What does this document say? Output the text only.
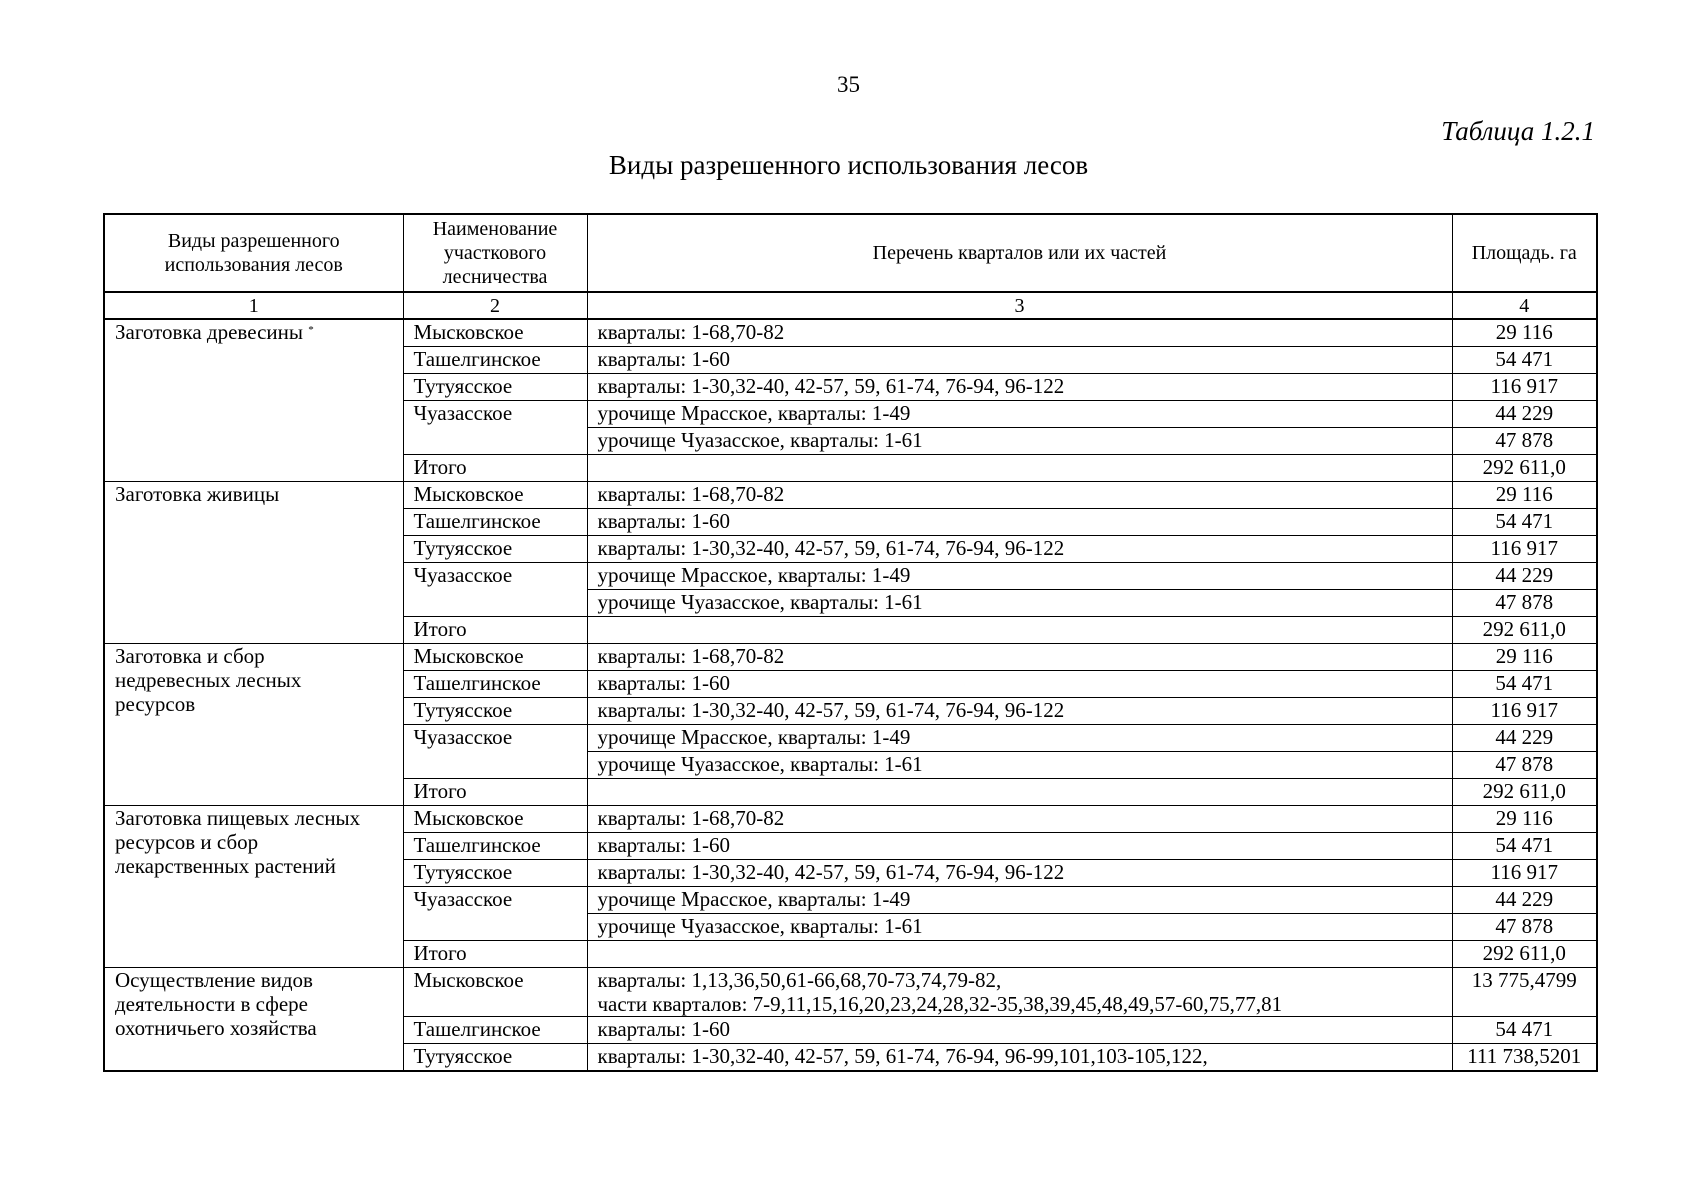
35
Таблица 1.2.1
Виды разрешенного использования лесов
Виды разрешенного использования лесов	Наименование участкового лесничества	Перечень кварталов или их частей	Площадь. га
1	2	3	4
Заготовка древесины *	Мысковское	кварталы: 1-68,70-82	29 116
	Ташелгинское	кварталы: 1-60	54 471
	Тутуясское	кварталы: 1-30,32-40, 42-57, 59, 61-74, 76-94, 96-122	116 917
	Чуазасское	урочище Мрасское, кварталы: 1-49	44 229
		урочище Чуазасское, кварталы: 1-61	47 878
	Итого		292 611,0
Заготовка живицы	Мысковское	кварталы: 1-68,70-82	29 116
	Ташелгинское	кварталы: 1-60	54 471
	Тутуясское	кварталы: 1-30,32-40, 42-57, 59, 61-74, 76-94, 96-122	116 917
	Чуазасское	урочище Мрасское, кварталы: 1-49	44 229
		урочище Чуазасское, кварталы: 1-61	47 878
	Итого		292 611,0

Заготовка и сбор
недревесных лесных
ресурсов	Мысковское	кварталы: 1-68,70-82	29 116
	Ташелгинское	кварталы: 1-60	54 471
	Тутуясское	кварталы: 1-30,32-40, 42-57, 59, 61-74, 76-94, 96-122	116 917
	Чуазасское	урочище Мрасское, кварталы: 1-49	44 229
		урочище Чуазасское, кварталы: 1-61	47 878
	Итого		292 611,0

Заготовка пищевых лесных
ресурсов и сбор
лекарственных растений	Мысковское	кварталы: 1-68,70-82	29 116
	Ташелгинское	кварталы: 1-60	54 471
	Тутуясское	кварталы: 1-30,32-40, 42-57, 59, 61-74, 76-94, 96-122	116 917
	Чуазасское	урочище Мрасское, кварталы: 1-49	44 229
		урочище Чуазасское, кварталы: 1-61	47 878
	Итого		292 611,0

Осуществление видов
деятельности в сфере
охотничьего хозяйства	Мысковское	кварталы: 1,13,36,50,61-66,68,70-73,74,79-82,
части кварталов: 7-9,11,15,16,20,23,24,28,32-35,38,39,45,48,49,57-60,75,77,81	13 775,4799
	Ташелгинское	кварталы: 1-60	54 471
	Тутуясское	кварталы: 1-30,32-40, 42-57, 59, 61-74, 76-94, 96-99,101,103-105,122,	111 738,5201
